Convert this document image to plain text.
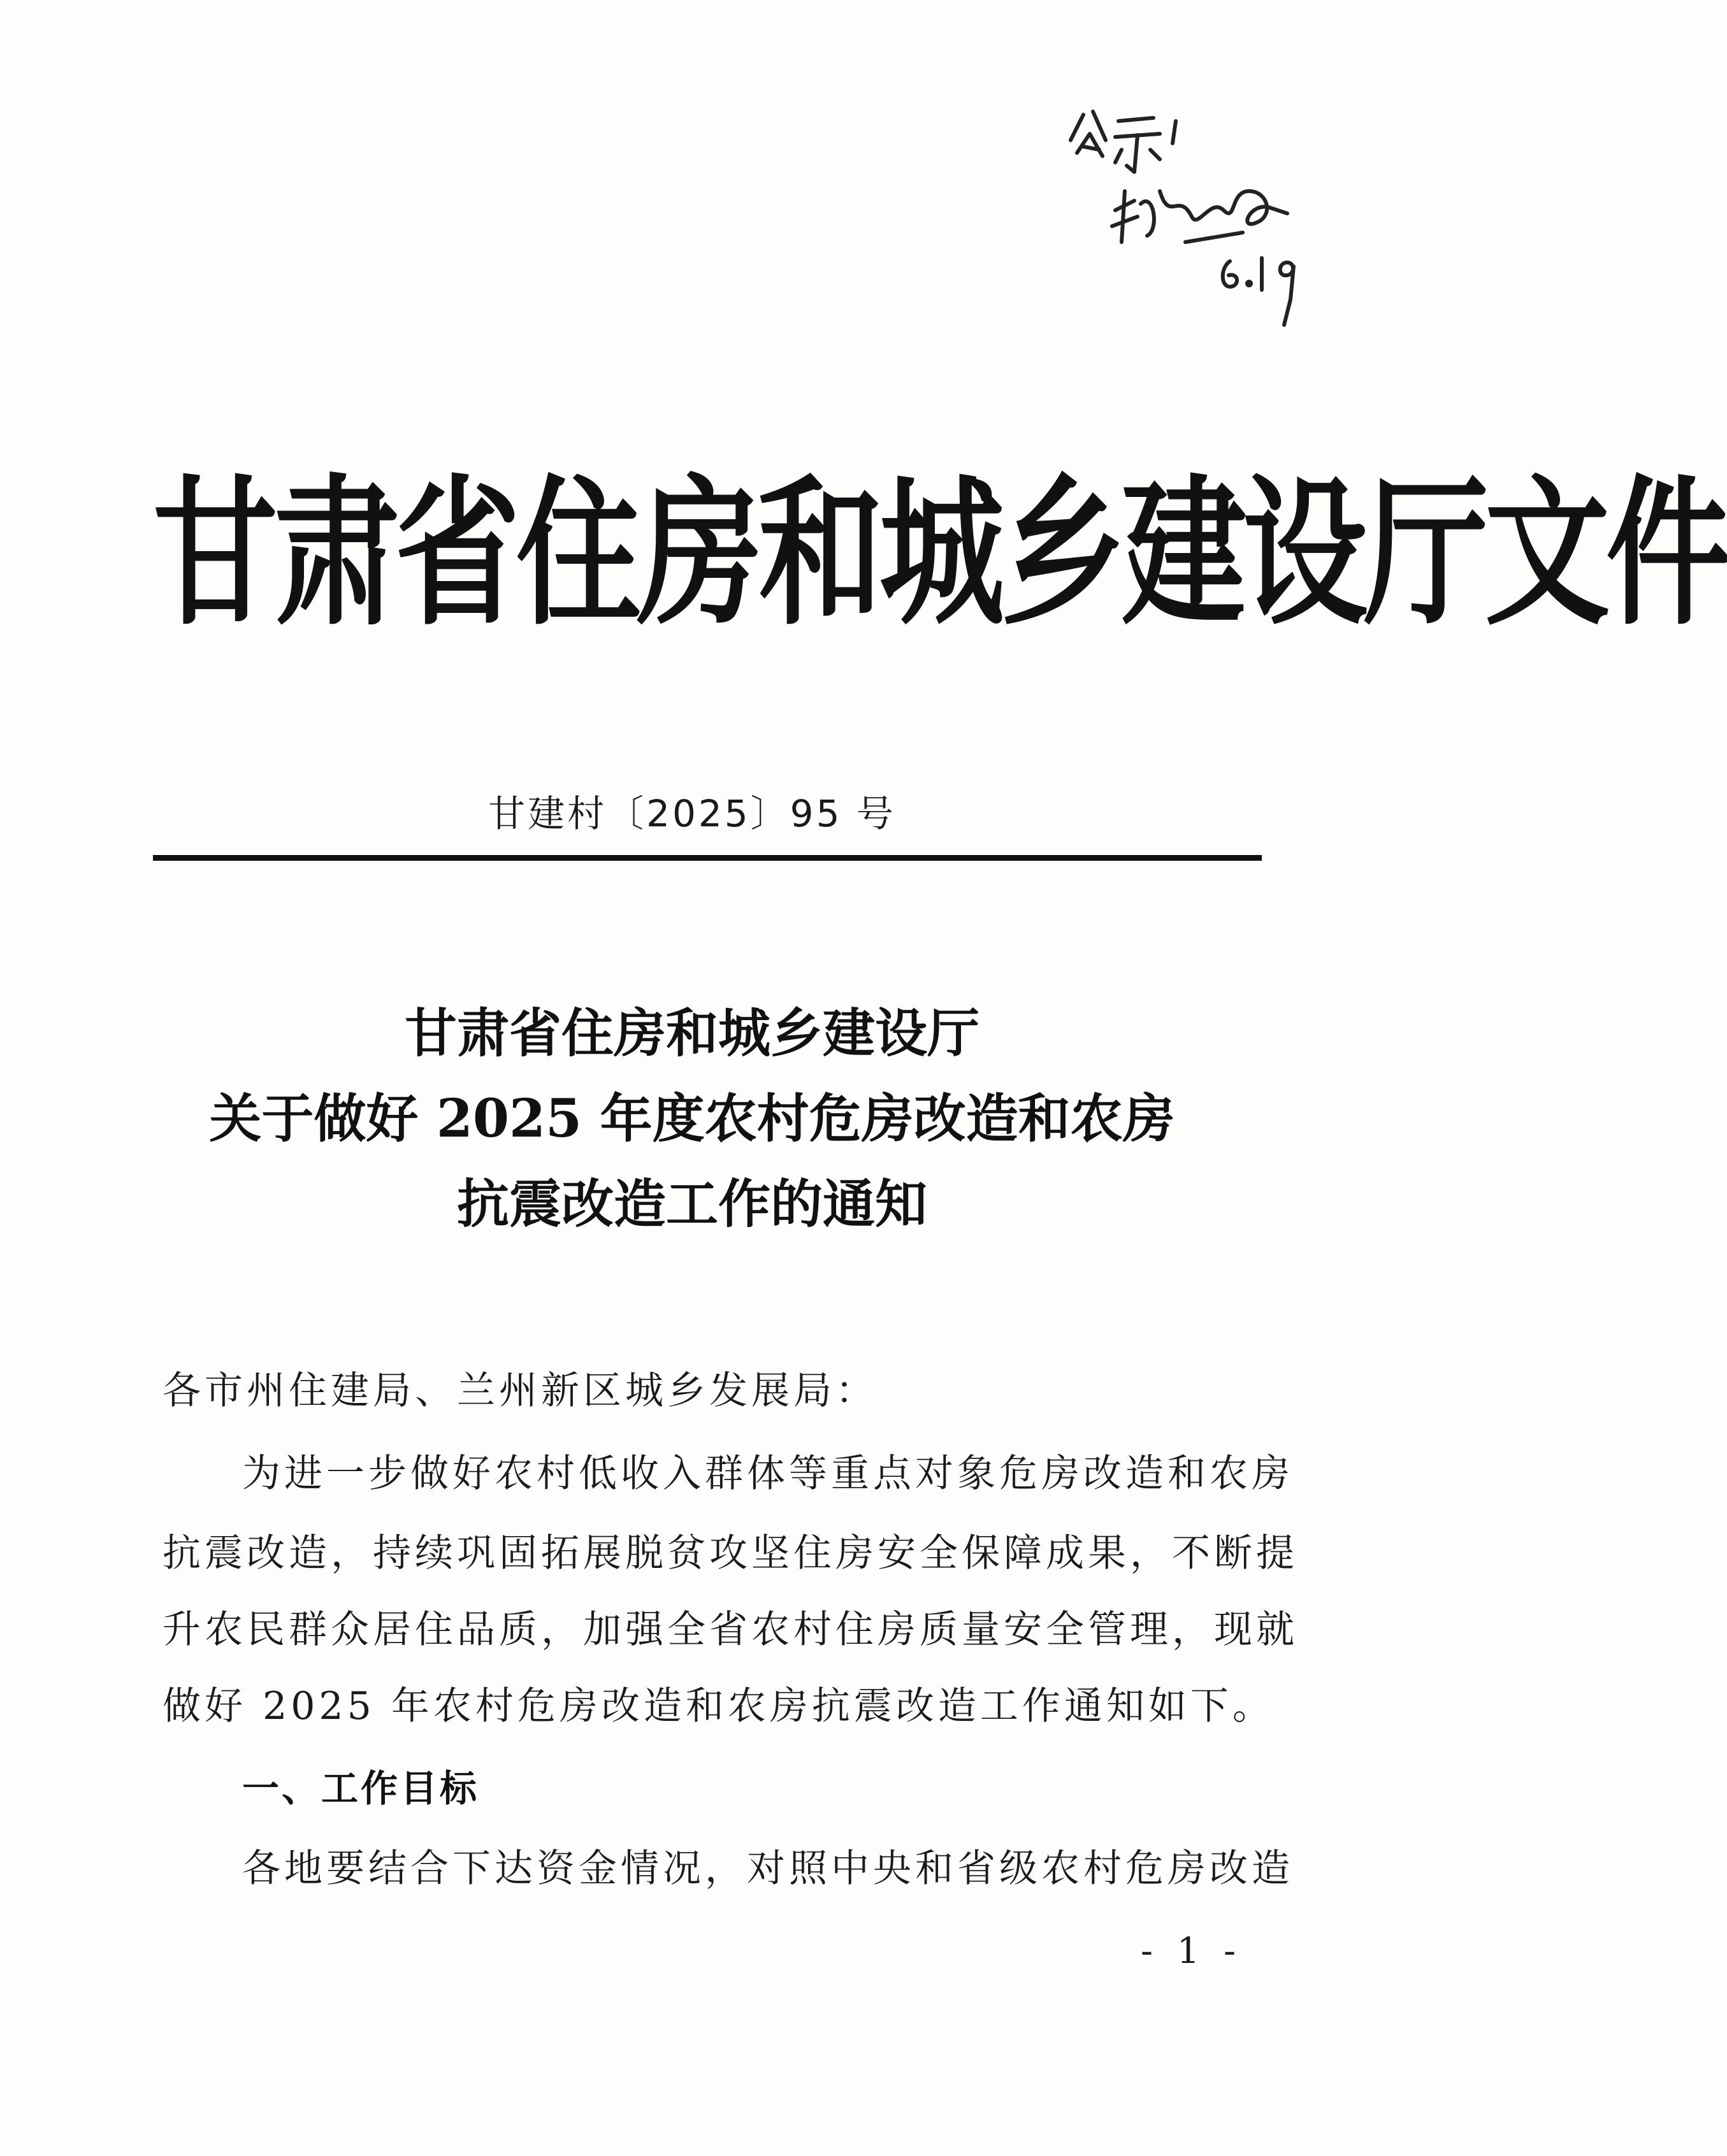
甘肃省住房和城乡建设厅文件
甘建村〔2025〕95 号
甘肃省住房和城乡建设厅
关于做好 2025 年度农村危房改造和农房
抗震改造工作的通知
各市州住建局、兰州新区城乡发展局：
为进一步做好农村低收入群体等重点对象危房改造和农房
抗震改造，持续巩固拓展脱贫攻坚住房安全保障成果，不断提
升农民群众居住品质，加强全省农村住房质量安全管理，现就
做好 2025 年农村危房改造和农房抗震改造工作通知如下。
一、工作目标
各地要结合下达资金情况，对照中央和省级农村危房改造
- 1 -
